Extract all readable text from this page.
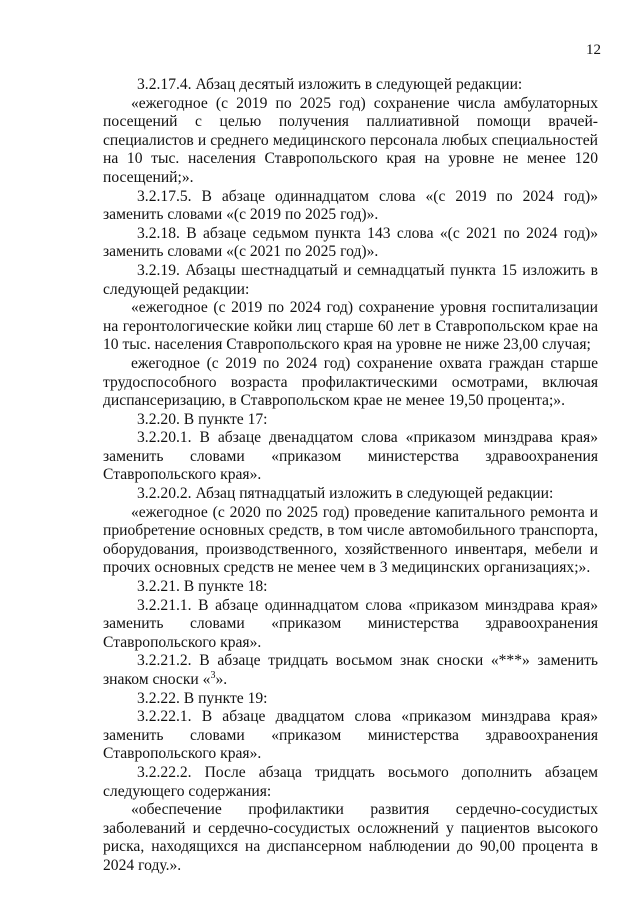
12

3.2.17.4. Абзац десятый изложить в следующей редакции:

«ежегодное (с 2019 по 2025 год) сохранение числа амбулаторных посещений с целью получения паллиативной помощи врачей-специалистов и среднего медицинского персонала любых специальностей на 10 тыс. населения Ставропольского края на уровне не менее 120 посещений;».

3.2.17.5. В абзаце одиннадцатом слова «(с 2019 по 2024 год)» заменить словами «(с 2019 по 2025 год)».

3.2.18. В абзаце седьмом пункта 143 слова «(с 2021 по 2024 год)» заменить словами «(с 2021 по 2025 год)».

3.2.19. Абзацы шестнадцатый и семнадцатый пункта 15 изложить в следующей редакции:

«ежегодное (с 2019 по 2024 год) сохранение уровня госпитализации на геронтологические койки лиц старше 60 лет в Ставропольском крае на 10 тыс. населения Ставропольского края на уровне не ниже 23,00 случая;

ежегодное (с 2019 по 2024 год) сохранение охвата граждан старше трудоспособного возраста профилактическими осмотрами, включая диспансеризацию, в Ставропольском крае не менее 19,50 процента;».

3.2.20. В пункте 17:

3.2.20.1. В абзаце двенадцатом слова «приказом минздрава края» заменить словами «приказом министерства здравоохранения Ставропольского края».

3.2.20.2. Абзац пятнадцатый изложить в следующей редакции:

«ежегодное (с 2020 по 2025 год) проведение капитального ремонта и приобретение основных средств, в том числе автомобильного транспорта, оборудования, производственного, хозяйственного инвентаря, мебели и прочих основных средств не менее чем в 3 медицинских организациях;».

3.2.21. В пункте 18:

3.2.21.1. В абзаце одиннадцатом слова «приказом минздрава края» заменить словами «приказом министерства здравоохранения Ставропольского края».

3.2.21.2. В абзаце тридцать восьмом знак сноски «***» заменить знаком сноски «$^3$».

3.2.22. В пункте 19:

3.2.22.1. В абзаце двадцатом слова «приказом минздрава края» заменить словами «приказом министерства здравоохранения Ставропольского края».

3.2.22.2. После абзаца тридцать восьмого дополнить абзацем следующего содержания:

«обеспечение профилактики развития сердечно-сосудистых заболеваний и сердечно-сосудистых осложнений у пациентов высокого риска, находящихся на диспансерном наблюдении до 90,00 процента в 2024 году.».
